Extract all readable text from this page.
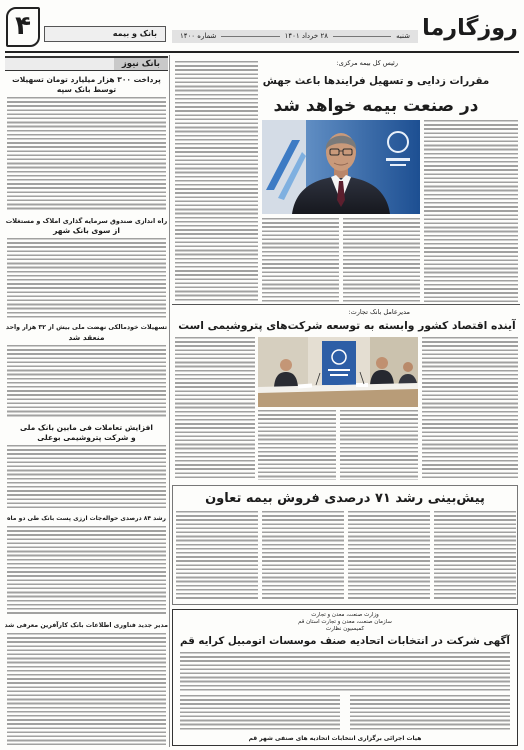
روزگارما
شنبه
۲۸ خرداد ۱۴۰۱
شماره ۱۴۰۰
۴	بانک و بیمه
بانک نیوز
پرداخت ۳۰۰ هزار میلیارد تومان تسهیلات
توسط بانک سپه
راه اندازی صندوق سرمایه گذاری املاک و مستغلات
از سوی بانک شهر
تسهیلات خودمالکی نهضت ملی بیش از ۳۲ هزار واحد
منعقد شد
افزایش تعاملات فی مابین بانک ملی
و شرکت پتروشیمی بوعلی
رشد ۸۴ درصدی حواله‌جات ارزی پست بانک طی دو ماه
مدیر جدید فناوری اطلاعات بانک کارآفرین معرفی شد
رئیس کل بیمه مرکزی:
مقررات زدایی و تسهیل فرایندها باعث جهش
در صنعت بیمه خواهد شد
مدیرعامل بانک تجارت:
آینده اقتصاد کشور وابسته به توسعه شرکت‌های پتروشیمی است
پیش‌بینی رشد ۷۱ درصدی فروش بیمه تعاون
وزارت صنعت، معدن و تجارت
سازمان صنعت، معدن و تجارت استان قم
کمیسیون نظارت
آگهی شرکت در انتخابات اتحادیه صنف موسسات اتومبیل کرایه قم
هیات اجرائی برگزاری انتخابات اتحادیه های صنفی شهر قم
